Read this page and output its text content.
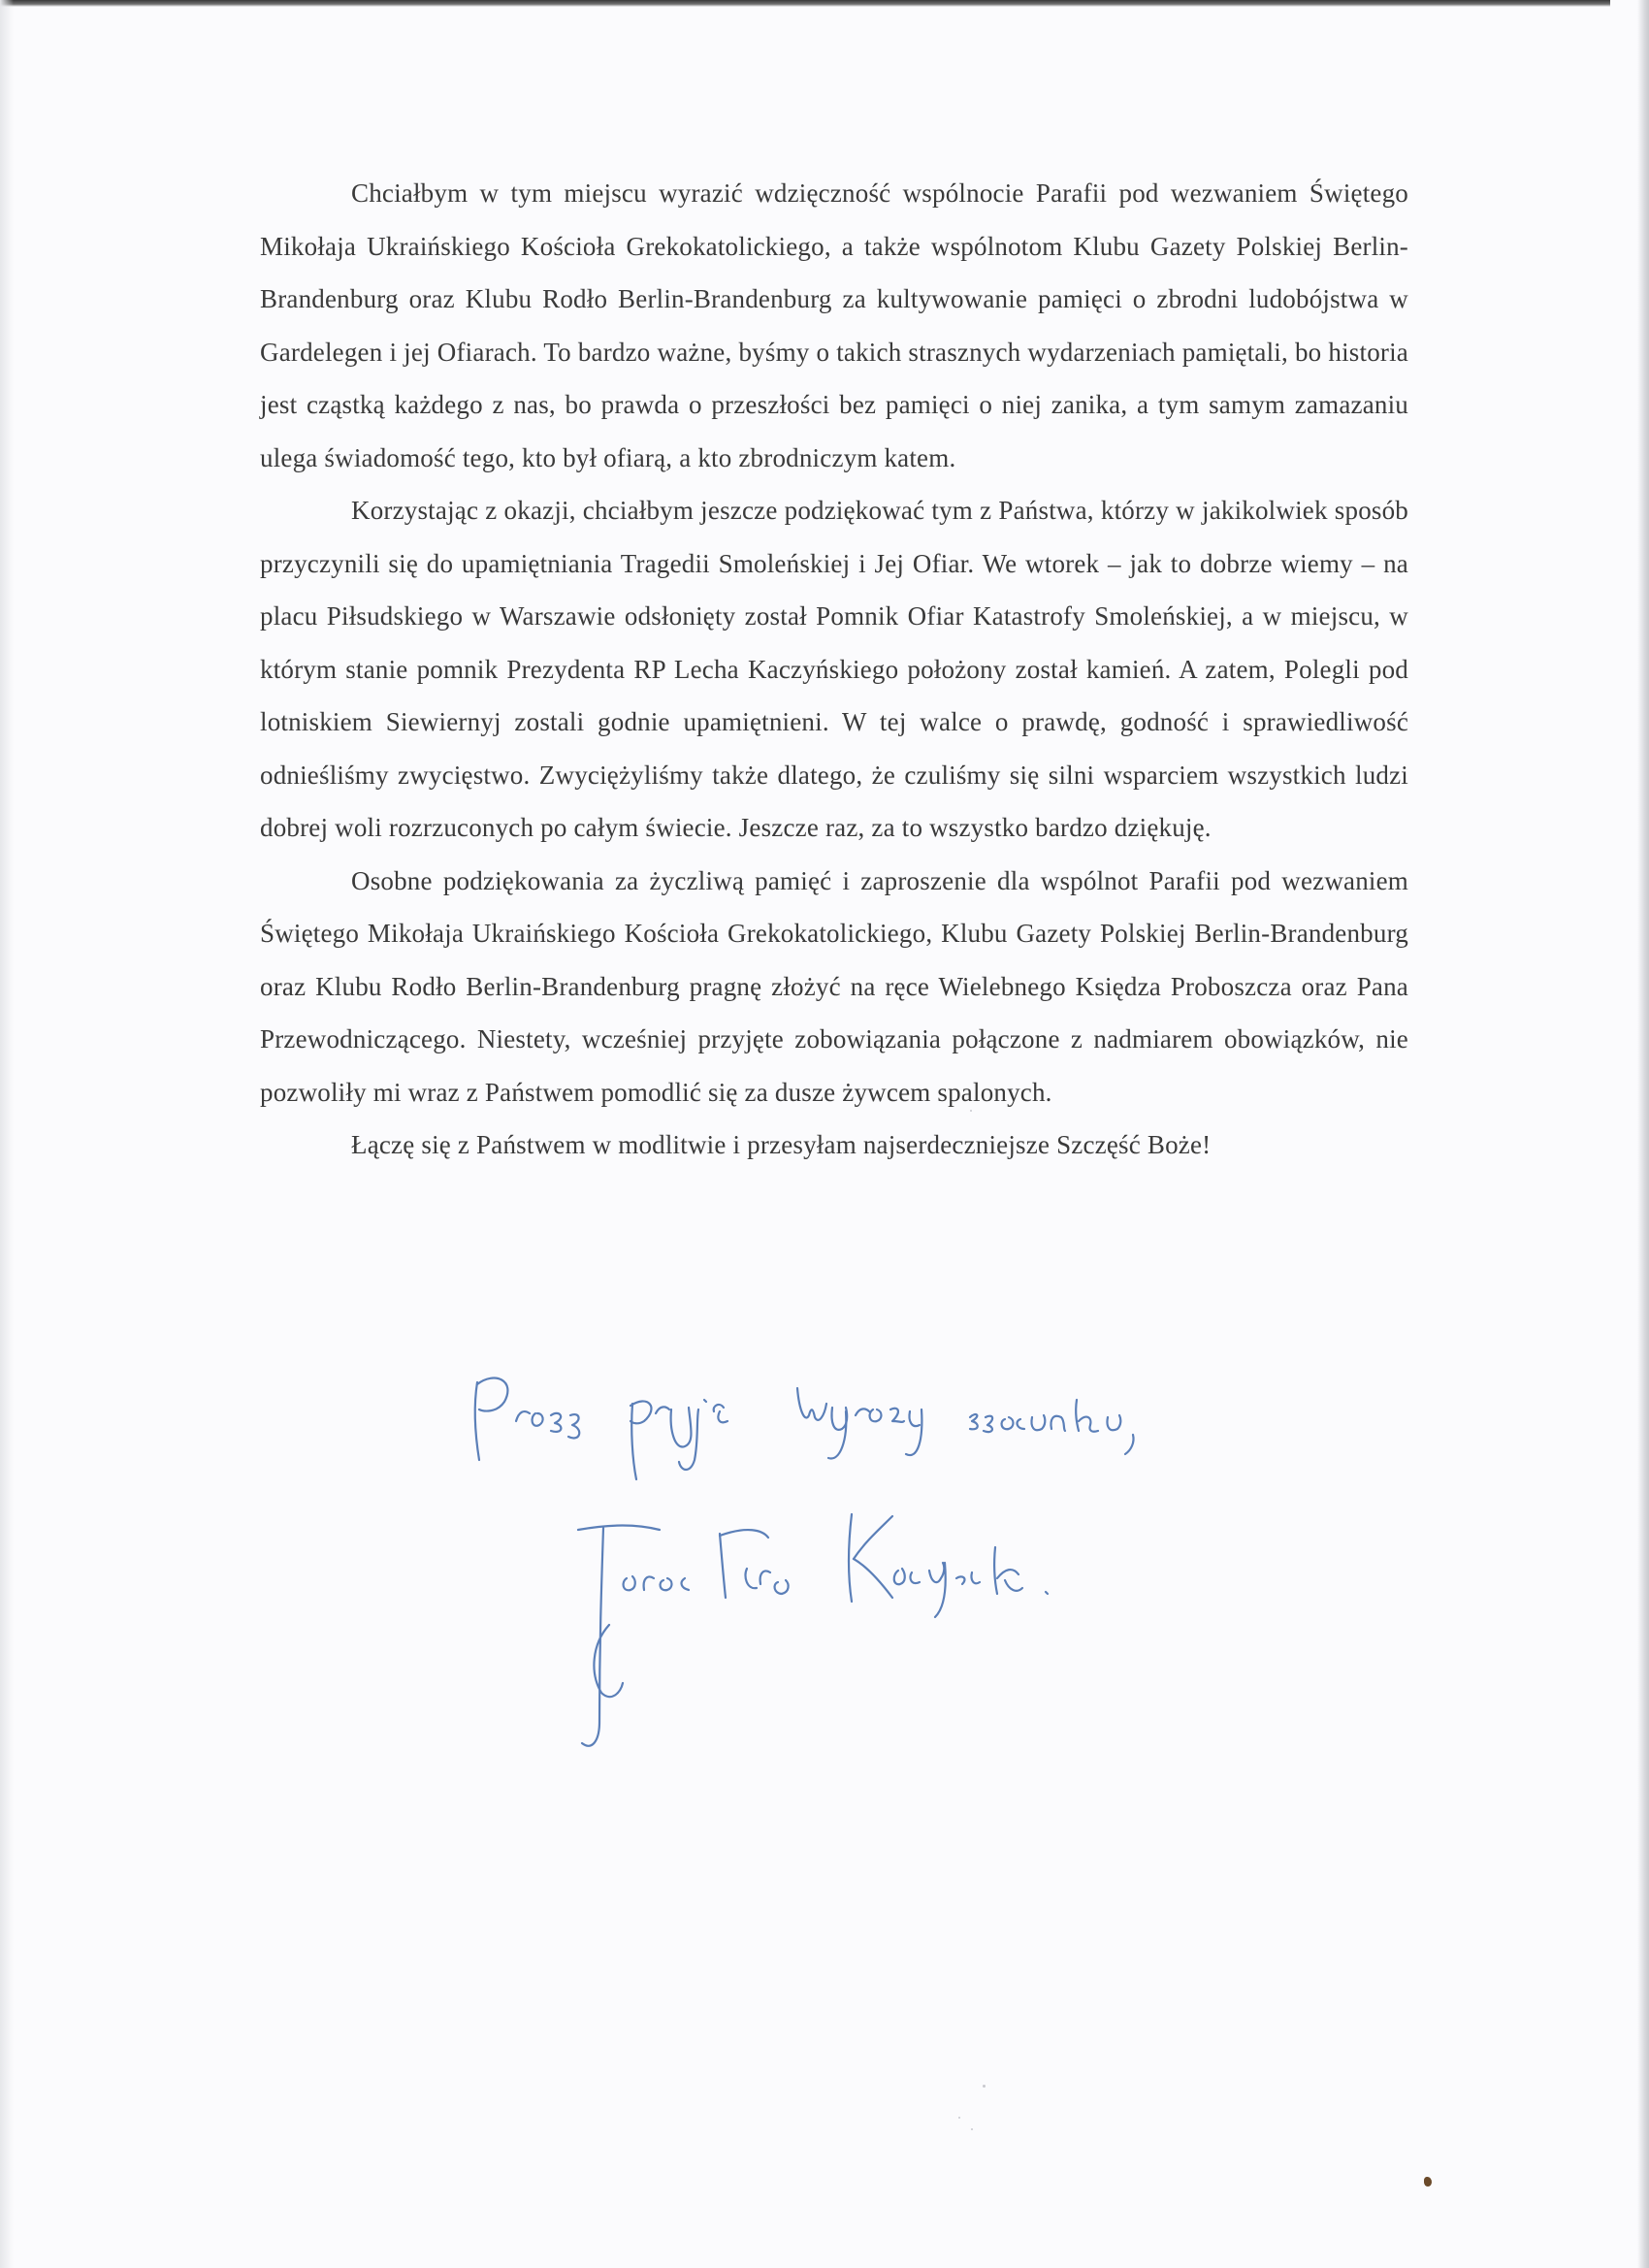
Chciałbym w tym miejscu wyrazić wdzięczność wspólnocie Parafii pod wezwaniem Świętego Mikołaja Ukraińskiego Kościoła Grekokatolickiego, a także wspólnotom Klubu Gazety Polskiej Berlin-Brandenburg oraz Klubu Rodło Berlin-Brandenburg za kultywowanie pamięci o zbrodni ludobójstwa w Gardelegen i jej Ofiarach. To bardzo ważne, byśmy o takich strasznych wydarzeniach pamiętali, bo historia jest cząstką każdego z nas, bo prawda o przeszłości bez pamięci o niej zanika, a tym samym zamazaniu ulega świadomość tego, kto był ofiarą, a kto zbrodniczym katem.

Korzystając z okazji, chciałbym jeszcze podziękować tym z Państwa, którzy w jakikolwiek sposób przyczynili się do upamiętniania Tragedii Smoleńskiej i Jej Ofiar. We wtorek – jak to dobrze wiemy – na placu Piłsudskiego w Warszawie odsłonięty został Pomnik Ofiar Katastrofy Smoleńskiej, a w miejscu, w którym stanie pomnik Prezydenta RP Lecha Kaczyńskiego położony został kamień. A zatem, Polegli pod lotniskiem Siewiernyj zostali godnie upamiętnieni. W tej walce o prawdę, godność i sprawiedliwość odnieśliśmy zwycięstwo. Zwyciężyliśmy także dlatego, że czuliśmy się silni wsparciem wszystkich ludzi dobrej woli rozrzuconych po całym świecie. Jeszcze raz, za to wszystko bardzo dziękuję.

Osobne podziękowania za życzliwą pamięć i zaproszenie dla wspólnot Parafii pod wezwaniem Świętego Mikołaja Ukraińskiego Kościoła Grekokatolickiego, Klubu Gazety Polskiej Berlin-Brandenburg oraz Klubu Rodło Berlin-Brandenburg pragnę złożyć na ręce Wielebnego Księdza Proboszcza oraz Pana Przewodniczącego. Niestety, wcześniej przyjęte zobowiązania połączone z nadmiarem obowiązków, nie pozwoliły mi wraz z Państwem pomodlić się za dusze żywcem spalonych.

Łączę się z Państwem w modlitwie i przesyłam najserdeczniejsze Szczęść Boże!
